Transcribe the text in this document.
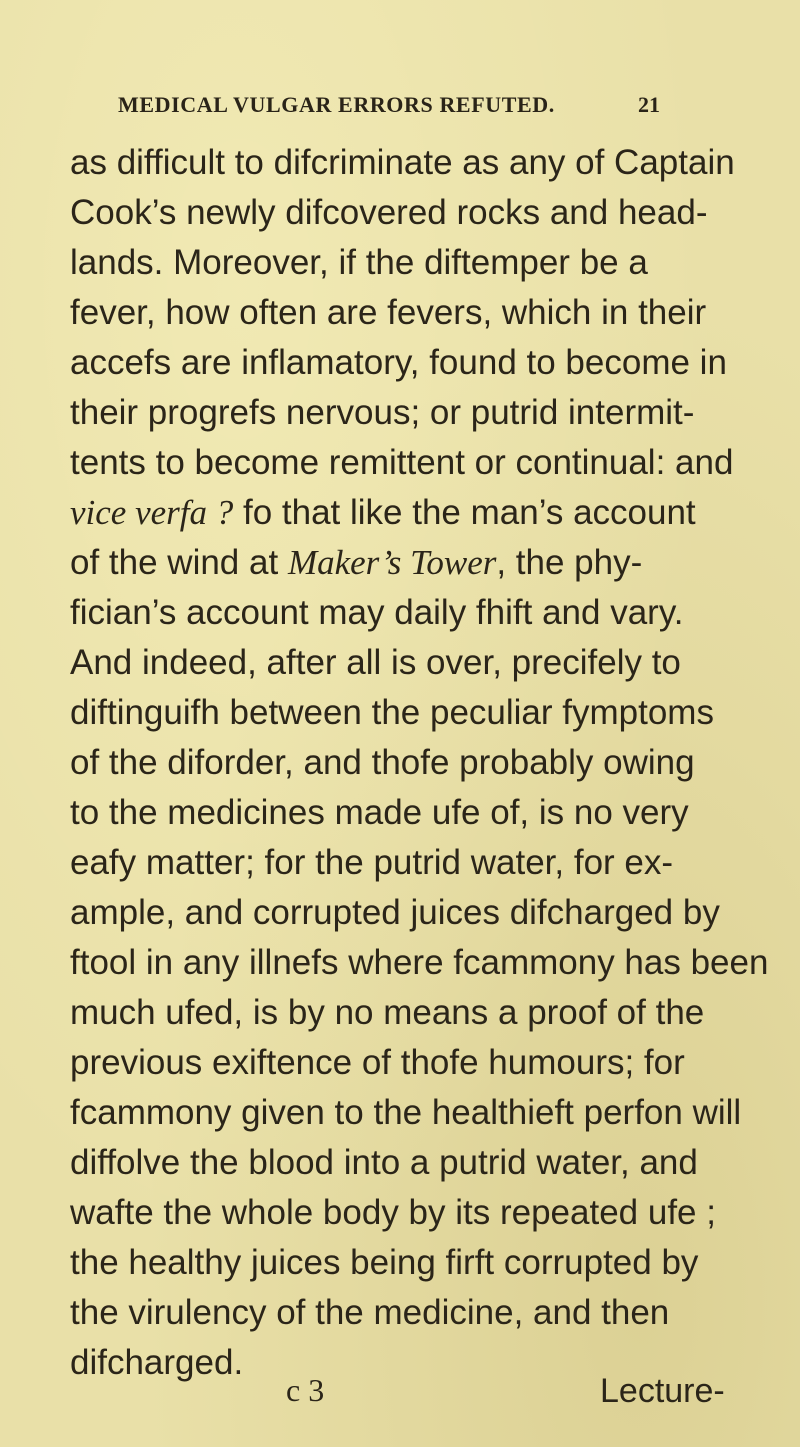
MEDICAL VULGAR ERRORS REFUTED.	21
as difficult to difcriminate as any of Captain
Cook’s newly difcovered rocks and head-
lands. Moreover, if the diftemper be a
fever, how often are fevers, which in their
accefs are inflamatory, found to become in
their progrefs nervous; or putrid intermit-
tents to become remittent or continual: and
vice verfa ? fo that like the man’s account
of the wind at Maker’s Tower, the phy-
fician’s account may daily fhift and vary.
And indeed, after all is over, precifely to
diftinguifh between the peculiar fymptoms
of the diforder, and thofe probably owing
to the medicines made ufe of, is no very
eafy matter; for the putrid water, for ex-
ample, and corrupted juices difcharged by
ftool in any illnefs where fcammony has been
much ufed, is by no means a proof of the
previous exiftence of thofe humours; for
fcammony given to the healthieft perfon will
diffolve the blood into a putrid water, and
wafte the whole body by its repeated ufe ;
the healthy juices being firft corrupted by
the virulency of the medicine, and then
difcharged.
c 3	Lecture-
